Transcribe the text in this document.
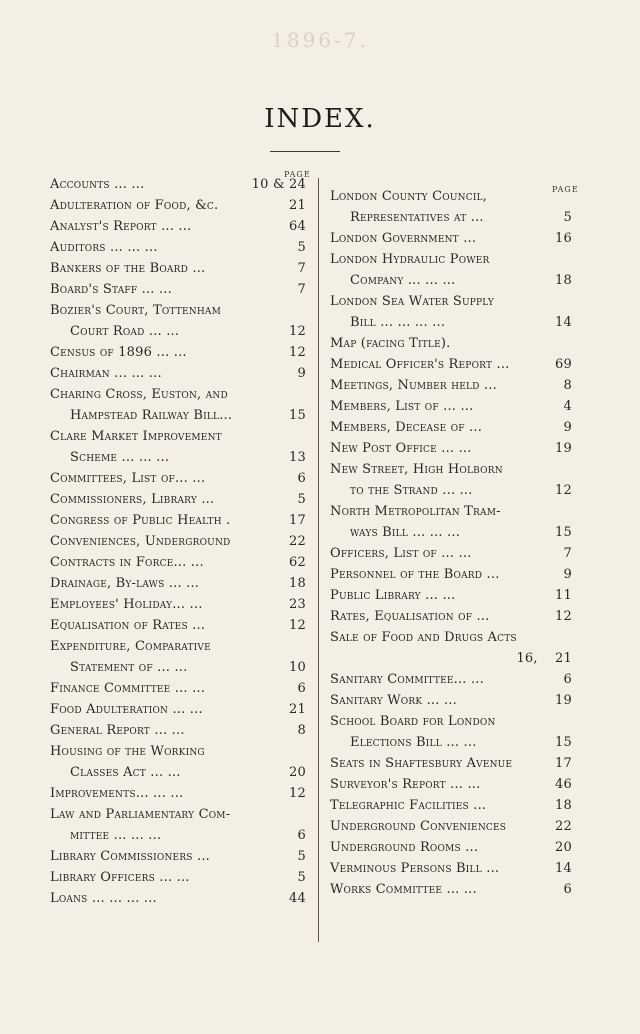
1896-7.
INDEX.
PAGE
PAGE
Accounts ... ...	10 & 24
Adulteration of Food, &c.	21
Analyst's Report ... ...	64
Auditors ... ... ...	5
Bankers of the Board ...	7
Board's Staff ... ...	7
Bozier's Court, Tottenham
Court Road ... ...	12
Census of 1896 ... ...	12
Chairman ... ... ...	9
Charing Cross, Euston, and
Hampstead Railway Bill...	15
Clare Market Improvement
Scheme ... ... ...	13
Committees, List of... ...	6
Commissioners, Library ...	5
Congress of Public Health .	17
Conveniences, Underground	22
Contracts in Force... ...	62
Drainage, By-laws ... ...	18
Employees' Holiday... ...	23
Equalisation of Rates ...	12
Expenditure, Comparative
Statement of ... ...	10
Finance Committee ... ...	6
Food Adulteration ... ...	21
General Report ... ...	8
Housing of the Working
Classes Act ... ...	20
Improvements... ... ...	12
Law and Parliamentary Com-
mittee ... ... ...	6
Library Commissioners ...	5
Library Officers ... ...	5
Loans ... ... ... ...	44
London County Council,
Representatives at ...	5
London Government ...	16
London Hydraulic Power
Company ... ... ...	18
London Sea Water Supply
Bill ... ... ... ...	14
Map (facing Title).
Medical Officer's Report ...	69
Meetings, Number held ...	8
Members, List of ... ...	4
Members, Decease of ...	9
New Post Office ... ...	19
New Street, High Holborn
to the Strand ... ...	12
North Metropolitan Tram-
ways Bill ... ... ...	15
Officers, List of ... ...	7
Personnel of the Board ...	9
Public Library ... ...	11
Rates, Equalisation of ...	12
Sale of Food and Drugs Acts
16,    21
Sanitary Committee... ...	6
Sanitary Work ... ...	19
School Board for London
Elections Bill ... ...	15
Seats in Shaftesbury Avenue	17
Surveyor's Report ... ...	46
Telegraphic Facilities ...	18
Underground Conveniences	22
Underground Rooms ...	20
Verminous Persons Bill ...	14
Works Committee ... ...	6
